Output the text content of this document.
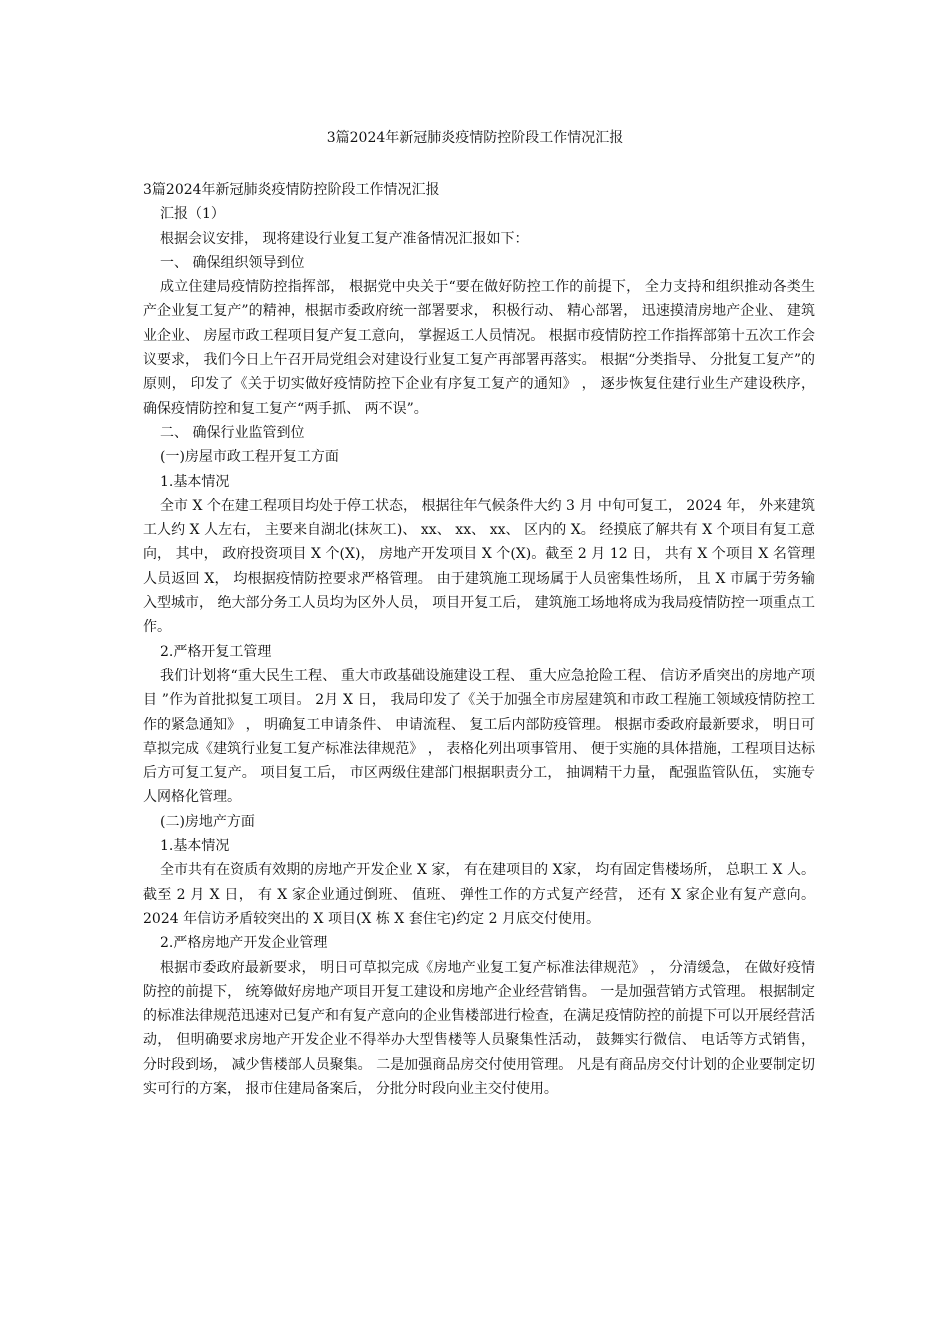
3篇2024年新冠肺炎疫情防控阶段工作情况汇报

3篇2024年新冠肺炎疫情防控阶段工作情况汇报

汇报（1）

根据会议安排， 现将建设行业复工复产准备情况汇报如下：

一、 确保组织领导到位

成立住建局疫情防控指挥部， 根据党中央关于“要在做好防控工作的前提下， 全力支持和组织推动各类生产企业复工复产”的精神，根据市委政府统一部署要求， 积极行动、 精心部署， 迅速摸清房地产企业、 建筑业企业、 房屋市政工程项目复产复工意向， 掌握返工人员情况。 根据市疫情防控工作指挥部第十五次工作会议要求， 我们今日上午召开局党组会对建设行业复工复产再部署再落实。 根据“分类指导、 分批复工复产”的原则， 印发了《关于切实做好疫情防控下企业有序复工复产的通知》 ， 逐步恢复住建行业生产建设秩序， 确保疫情防控和复工复产“两手抓、 两不误”。

二、 确保行业监管到位

(一)房屋市政工程开复工方面

1.基本情况

全市 X 个在建工程项目均处于停工状态， 根据往年气候条件大约 3 月 中旬可复工， 2024 年， 外来建筑工人约 X 人左右， 主要来自湖北(抹灰工)、 xx、 xx、 xx、 区内的 X。 经摸底了解共有 X 个项目有复工意向， 其中， 政府投资项目 X 个(X)， 房地产开发项目 X 个(X)。截至 2 月 12 日， 共有 X 个项目 X 名管理人员返回 X， 均根据疫情防控要求严格管理。 由于建筑施工现场属于人员密集性场所， 且 X 市属于劳务输入型城市， 绝大部分务工人员均为区外人员， 项目开复工后， 建筑施工场地将成为我局疫情防控一项重点工作。

2.严格开复工管理

我们计划将“重大民生工程、 重大市政基础设施建设工程、 重大应急抢险工程、 信访矛盾突出的房地产项目 ”作为首批拟复工项目。 2月 X 日， 我局印发了《关于加强全市房屋建筑和市政工程施工领域疫情防控工作的紧急通知》 ， 明确复工申请条件、 申请流程、 复工后内部防疫管理。 根据市委政府最新要求， 明日可草拟完成《建筑行业复工复产标准法律规范》 ， 表格化列出项事管用、 便于实施的具体措施，工程项目达标后方可复工复产。 项目复工后， 市区两级住建部门根据职责分工， 抽调精干力量， 配强监管队伍， 实施专人网格化管理。

(二)房地产方面

1.基本情况

全市共有在资质有效期的房地产开发企业 X 家， 有在建项目的 X家， 均有固定售楼场所， 总职工 X 人。 截至 2 月 X 日， 有 X 家企业通过倒班、 值班、 弹性工作的方式复产经营， 还有 X 家企业有复产意向。 2024 年信访矛盾较突出的 X 项目(X 栋 X 套住宅)约定 2 月底交付使用。

2.严格房地产开发企业管理

根据市委政府最新要求， 明日可草拟完成《房地产业复工复产标准法律规范》 ， 分清缓急， 在做好疫情防控的前提下， 统筹做好房地产项目开复工建设和房地产企业经营销售。 一是加强营销方式管理。 根据制定的标准法律规范迅速对已复产和有复产意向的企业售楼部进行检查，在满足疫情防控的前提下可以开展经营活动， 但明确要求房地产开发企业不得举办大型售楼等人员聚集性活动， 鼓舞实行微信、 电话等方式销售， 分时段到场， 减少售楼部人员聚集。 二是加强商品房交付使用管理。 凡是有商品房交付计划的企业要制定切实可行的方案， 报市住建局备案后， 分批分时段向业主交付使用。
